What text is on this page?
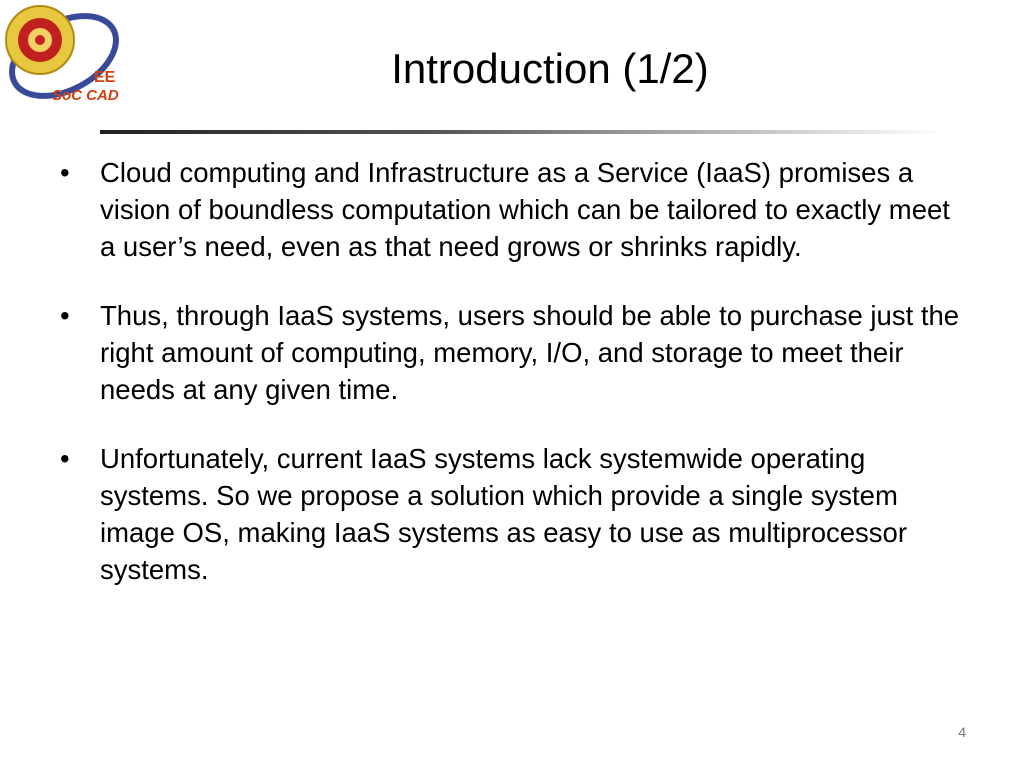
EE
SoC CAD
Introduction (1/2)
•	Cloud computing and Infrastructure as a Service (IaaS) promises a vision of boundless computation which can be tailored to exactly meet a user’s need, even as that need grows or shrinks rapidly.
•	Thus, through IaaS systems, users should be able to purchase just the right amount of computing, memory, I/O, and storage to meet their needs at any given time.
•	Unfortunately, current IaaS systems lack systemwide operating systems. So we propose a solution which provide a single system image OS, making IaaS systems as easy to use as multiprocessor systems.
4
